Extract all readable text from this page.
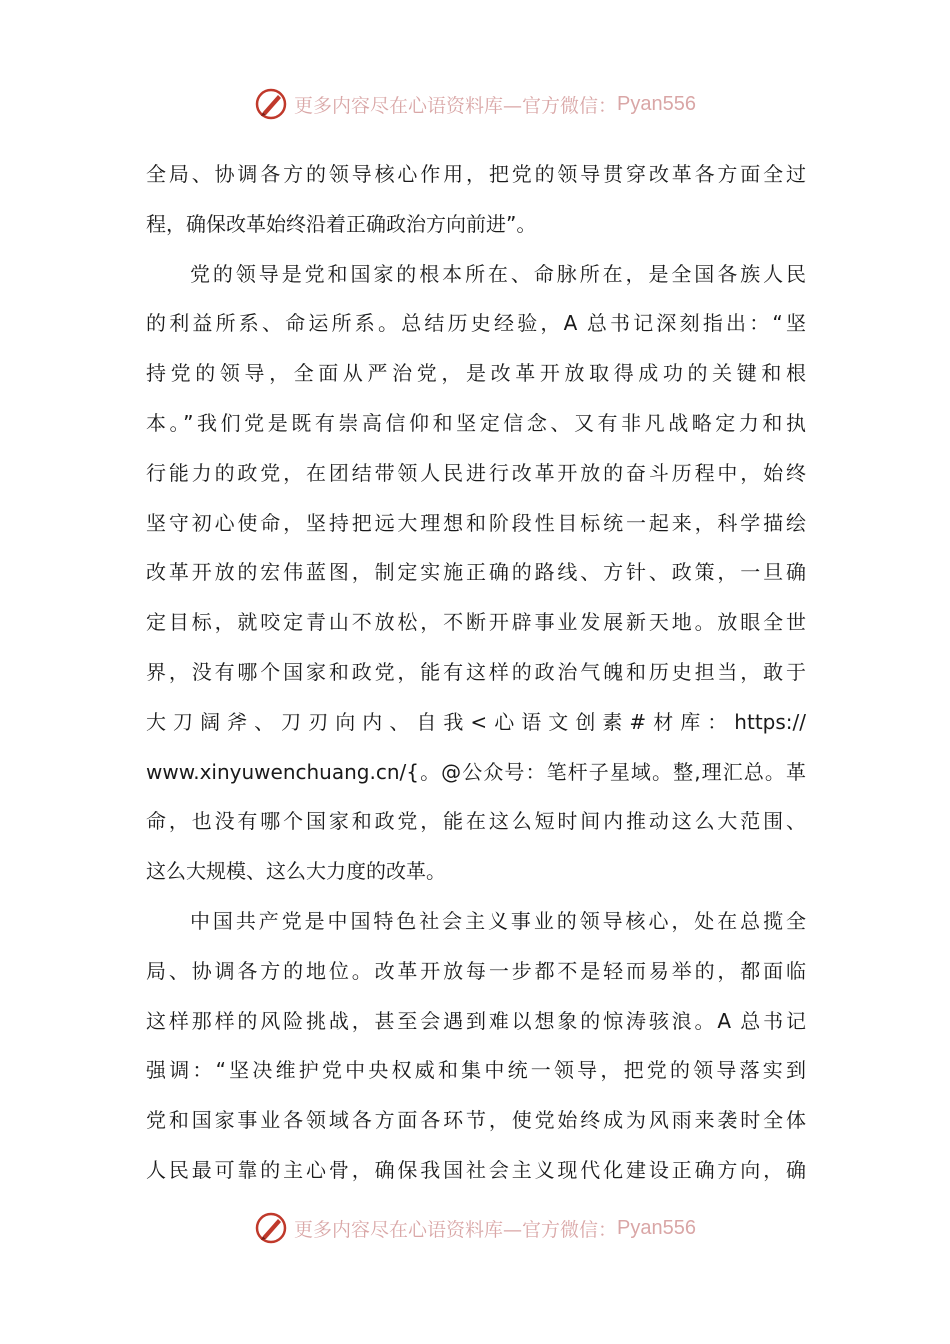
更多内容尽在心语资料库—官方微信： Pyan556
全局、协调各方的领导核心作用，把党的领导贯穿改革各方面全过
程，确保改革始终沿着正确政治方向前进”。
党的领导是党和国家的根本所在、命脉所在，是全国各族人民
的利益所系、命运所系。总结历史经验，A 总书记深刻指出：“坚
持党的领导，全面从严治党，是改革开放取得成功的关键和根
本。”我们党是既有崇高信仰和坚定信念、又有非凡战略定力和执
行能力的政党，在团结带领人民进行改革开放的奋斗历程中，始终
坚守初心使命，坚持把远大理想和阶段性目标统一起来，科学描绘
改革开放的宏伟蓝图，制定实施正确的路线、方针、政策，一旦确
定目标，就咬定青山不放松，不断开辟事业发展新天地。放眼全世
界，没有哪个国家和政党，能有这样的政治气魄和历史担当，敢于
大刀阔斧、刀刃向内、自我<心语文创素#材库：https://
www.xinyuwenchuang.cn/{。@公众号：笔杆子星域。整,理汇总。革
命，也没有哪个国家和政党，能在这么短时间内推动这么大范围、
这么大规模、这么大力度的改革。
中国共产党是中国特色社会主义事业的领导核心，处在总揽全
局、协调各方的地位。改革开放每一步都不是轻而易举的，都面临
这样那样的风险挑战，甚至会遇到难以想象的惊涛骇浪。A 总书记
强调：“坚决维护党中央权威和集中统一领导，把党的领导落实到
党和国家事业各领域各方面各环节，使党始终成为风雨来袭时全体
人民最可靠的主心骨，确保我国社会主义现代化建设正确方向，确
更多内容尽在心语资料库—官方微信： Pyan556
